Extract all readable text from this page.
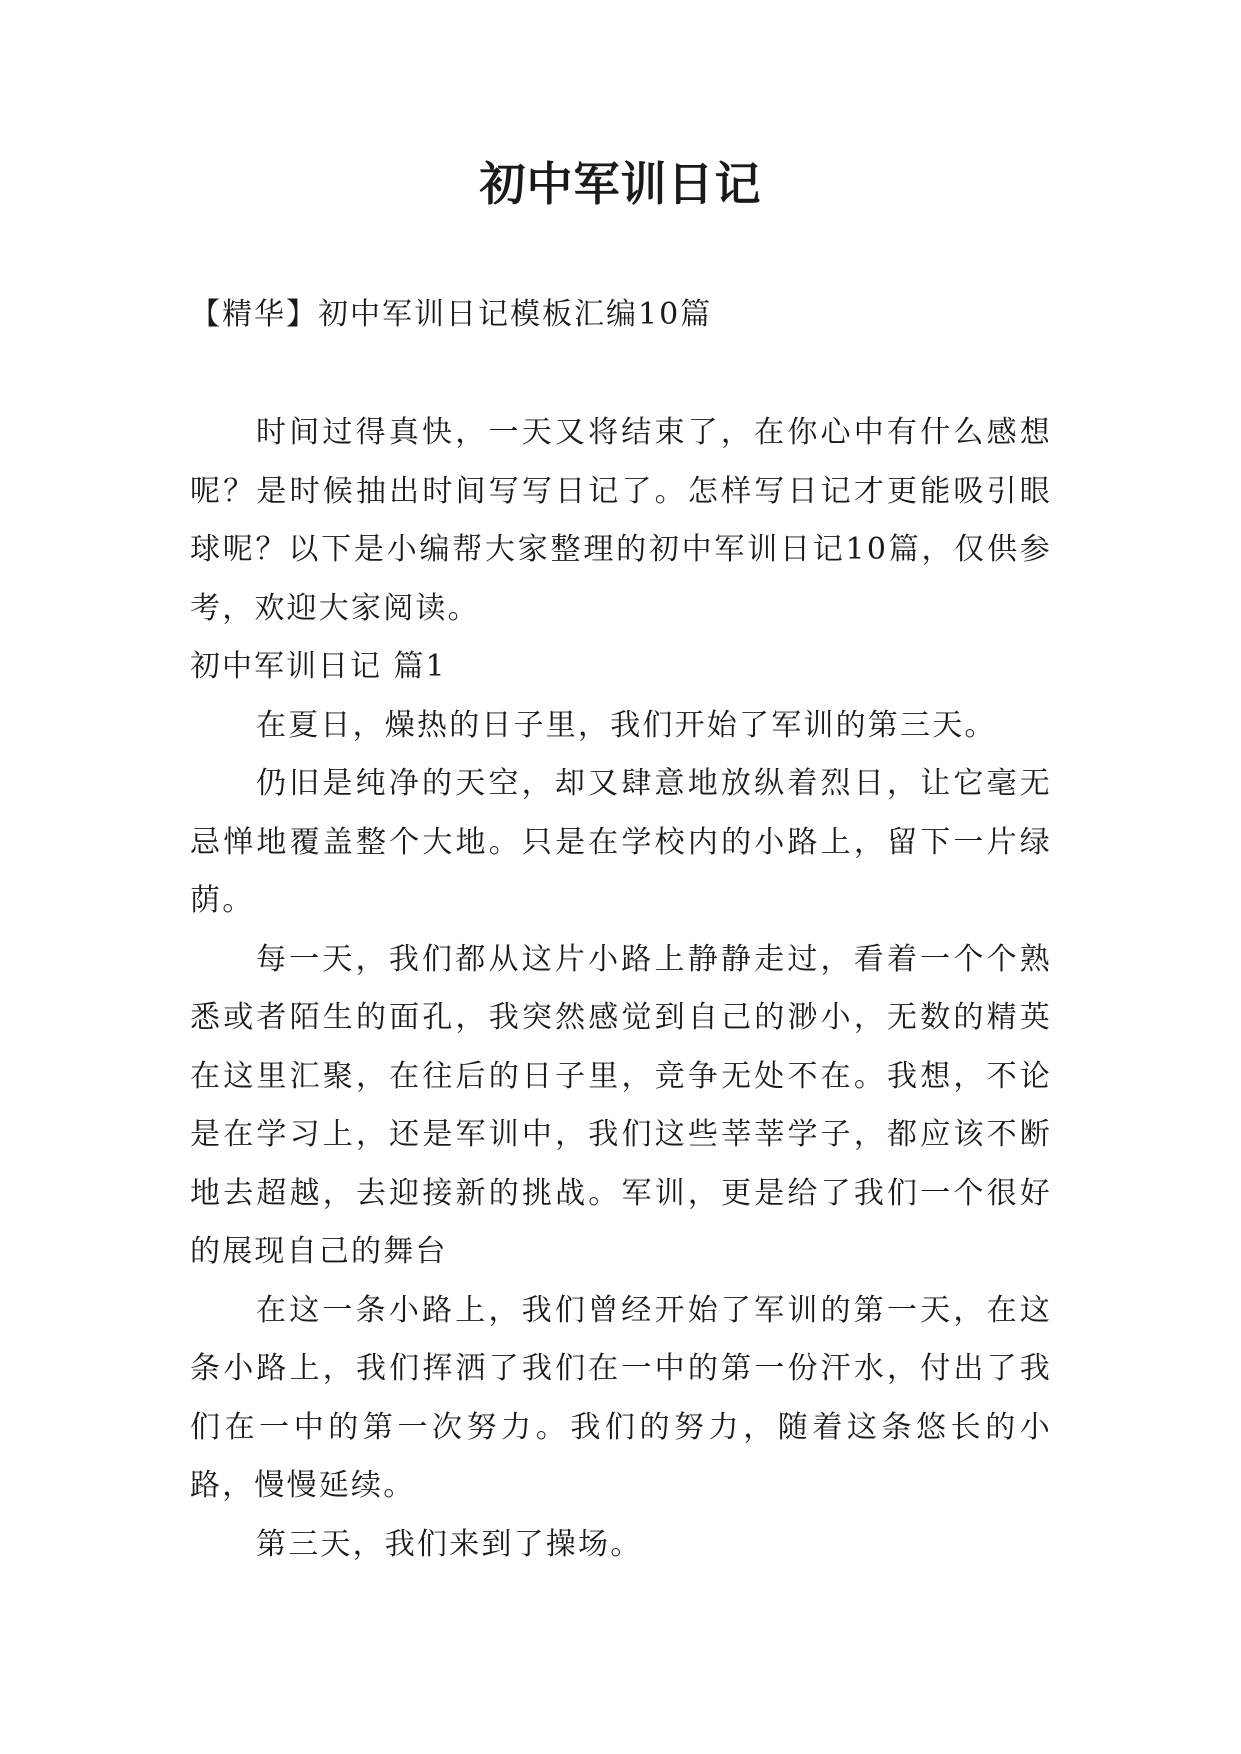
初中军训日记
【精华】初中军训日记模板汇编10篇

时间过得真快，一天又将结束了，在你心中有什么感想呢？是时候抽出时间写写日记了。怎样写日记才更能吸引眼球呢？以下是小编帮大家整理的初中军训日记10篇，仅供参考，欢迎大家阅读。

初中军训日记 篇1

在夏日，燥热的日子里，我们开始了军训的第三天。

仍旧是纯净的天空，却又肆意地放纵着烈日，让它毫无忌惮地覆盖整个大地。只是在学校内的小路上，留下一片绿荫。

每一天，我们都从这片小路上静静走过，看着一个个熟悉或者陌生的面孔，我突然感觉到自己的渺小，无数的精英在这里汇聚，在往后的日子里，竞争无处不在。我想，不论是在学习上，还是军训中，我们这些莘莘学子，都应该不断地去超越，去迎接新的挑战。军训，更是给了我们一个很好的展现自己的舞台

在这一条小路上，我们曾经开始了军训的第一天，在这条小路上，我们挥洒了我们在一中的第一份汗水，付出了我们在一中的第一次努力。我们的努力，随着这条悠长的小路，慢慢延续。

第三天，我们来到了操场。
